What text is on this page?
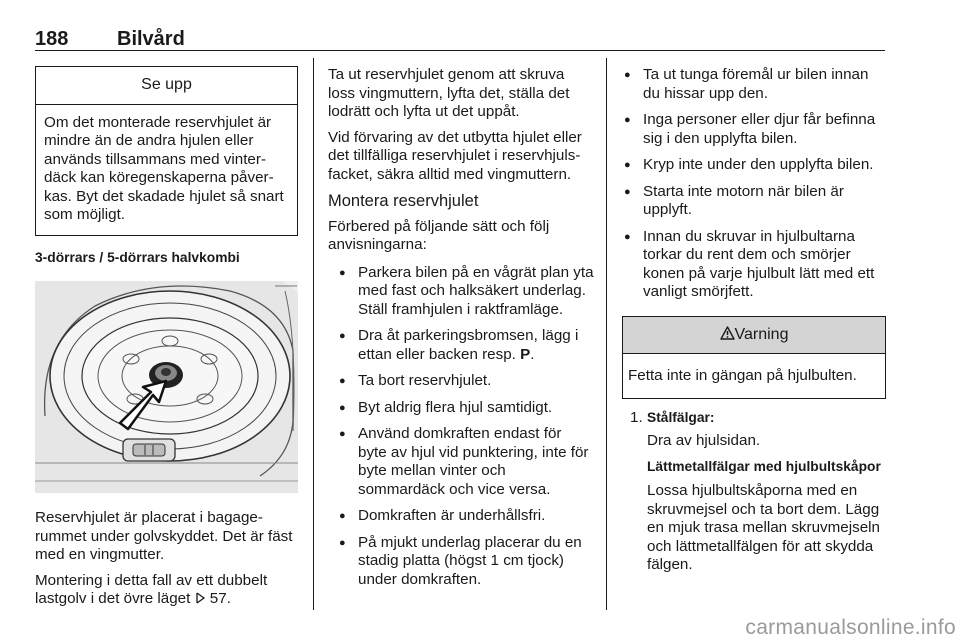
188 Bilvård
Se upp
Om det monterade reservhjulet är mindre än de andra hjulen eller används tillsammans med vinterdäck kan köregenskaperna påverkas. Byt det skadade hjulet så snart som möjligt.
3-dörrars / 5-dörrars halvkombi

Reservhjulet är placerat i bagagerummet under golvskyddet. Det är fäst med en vingmutter.

Montering i detta fall av ett dubbelt lastgolv i det övre läget  57.

Ta ut reservhjulet genom att skruva loss vingmuttern, lyfta det, ställa det lodrätt och lyfta ut det uppåt.

Vid förvaring av det utbytta hjulet eller det tillfälliga reservhjulet i reservhjulsfacket, säkra alltid med vingmuttern.

Montera reservhjulet

Förbered på följande sätt och följ anvisningarna:

● Parkera bilen på en vågrät plan yta med fast och halksäkert underlag. Ställ framhjulen i raktframläge.
● Dra åt parkeringsbromsen, lägg i ettan eller backen resp. P.
● Ta bort reservhjulet.
● Byt aldrig flera hjul samtidigt.
● Använd domkraften endast för byte av hjul vid punktering, inte för byte mellan vinter och sommardäck och vice versa.
● Domkraften är underhållsfri.
● På mjukt underlag placerar du en stadig platta (högst 1 cm tjock) under domkraften.
● Ta ut tunga föremål ur bilen innan du hissar upp den.
● Inga personer eller djur får befinna sig i den upplyfta bilen.
● Kryp inte under den upplyfta bilen.
● Starta inte motorn när bilen är upplyft.
● Innan du skruvar in hjulbultarna torkar du rent dem och smörjer konen på varje hjulbult lätt med ett vanligt smörjfett.
Varning
Fetta inte in gängan på hjulbulten.
1. Stålfälgar:

Dra av hjulsidan.

Lättmetallfälgar med hjulbultskåpor

Lossa hjulbultskåporna med en skruvmejsel och ta bort dem. Lägg en mjuk trasa mellan skruvmejseln och lättmetallfälgen för att skydda fälgen.

carmanualsonline.info
